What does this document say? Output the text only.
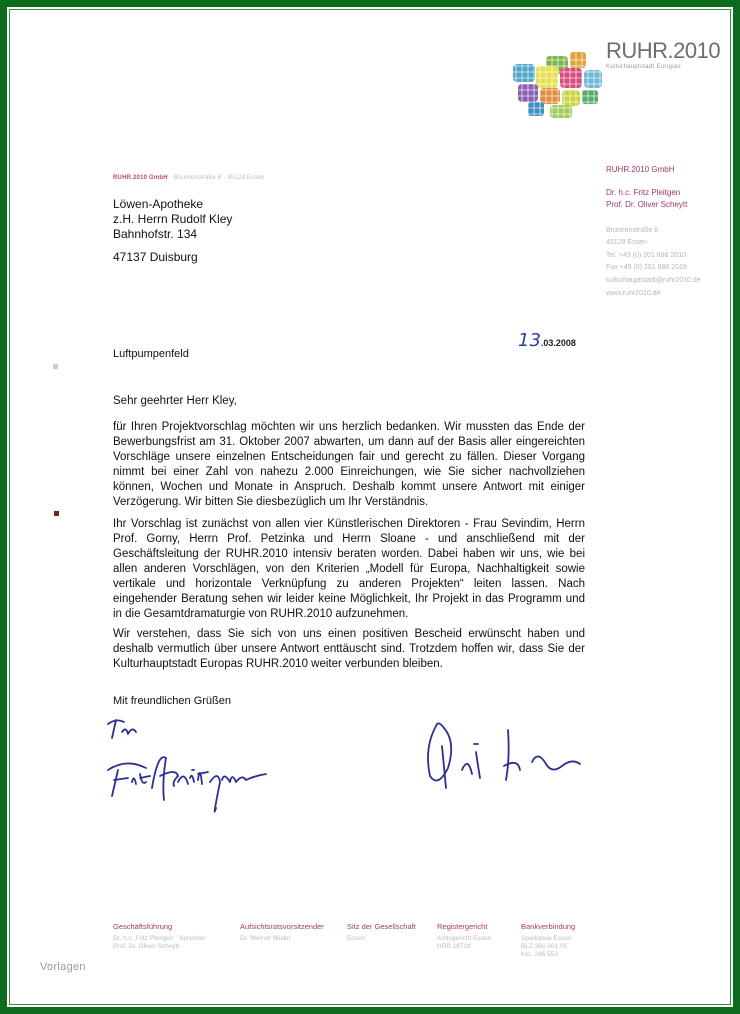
RUHR.2010
Kulturhauptstadt Europas
RUHR.2010 GmbH
Dr. h.c. Fritz Pleitgen
Prof. Dr. Oliver Scheytt
Brunnenstraße 8
45128 Essen
Tel. +49 (0) 201 888 2010
Fax +49 (0) 201 888 2019
kulturhauptstadt@ruhr2010.de
www.ruhr2010.de
RUHR.2010 GmbH · Brunnenstraße 8 · 45128 Essen
Löwen-Apotheke
z.H. Herrn Rudolf Kley
Bahnhofstr. 134
47137 Duisburg
13.03.2008
Luftpumpenfeld
Sehr geehrter Herr Kley,
für Ihren Projektvorschlag möchten wir uns herzlich bedanken. Wir mussten das Ende der Bewerbungsfrist am 31. Oktober 2007 abwarten, um dann auf der Basis aller eingereichten Vorschläge unsere einzelnen Entscheidungen fair und gerecht zu fällen. Dieser Vorgang nimmt bei einer Zahl von nahezu 2.000 Einreichungen, wie Sie sicher nachvollziehen können, Wochen und Monate in Anspruch. Deshalb kommt unsere Antwort mit einiger Verzögerung. Wir bitten Sie diesbezüglich um Ihr Verständnis.
Ihr Vorschlag ist zunächst von allen vier Künstlerischen Direktoren - Frau Sevindim, Herrn Prof. Gorny, Herrn Prof. Petzinka und Herrn Sloane - und anschließend mit der Geschäftsleitung der RUHR.2010 intensiv beraten worden. Dabei haben wir uns, wie bei allen anderen Vorschlägen, von den Kriterien „Modell für Europa, Nachhaltigkeit sowie vertikale und horizontale Verknüpfung zu anderen Projekten“ leiten lassen. Nach eingehender Beratung sehen wir leider keine Möglichkeit, Ihr Projekt in das Programm und in die Gesamtdramaturgie von RUHR.2010 aufzunehmen.
Wir verstehen, dass Sie sich von uns einen positiven Bescheid erwünscht haben und deshalb vermutlich über unsere Antwort enttäuscht sind. Trotzdem hoffen wir, dass Sie der Kulturhauptstadt Europas RUHR.2010 weiter verbunden bleiben.
Mit freundlichen Grüßen
Geschäftsführung
Dr. h.c. Fritz Pleitgen · Sprecher
Prof. Dr. Oliver Scheytt
Aufsichtsratsvorsitzender
Dr. Werner Müller
Sitz der Gesellschaft
Essen
Registergericht
Amtsgericht Essen
HRB 18718
Bankverbindung
Sparkasse Essen
BLZ 360 501 05
Kto. 246 553
Vorlagen
